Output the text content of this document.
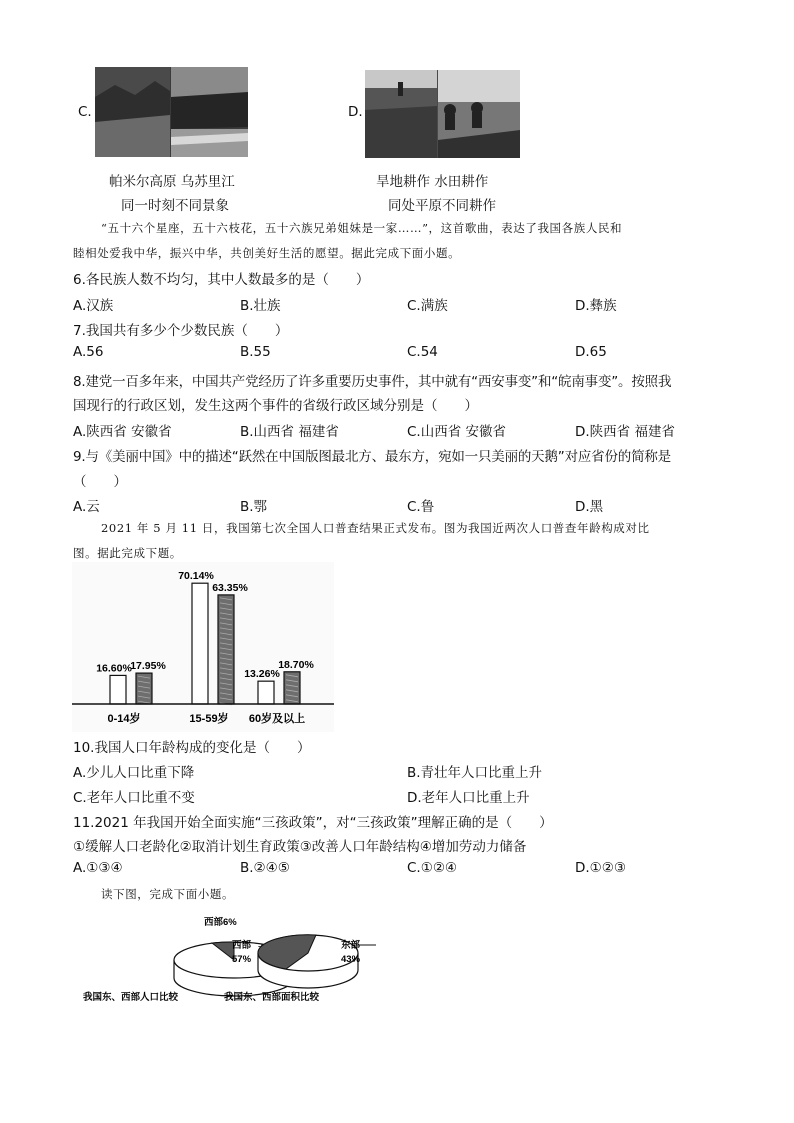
C.
帕米尔高原 乌苏里江
同一时刻不同景象
D.
旱地耕作 水田耕作
同处平原不同耕作
“五十六个星座，五十六枝花，五十六族兄弟姐妹是一家……”，这首歌曲，表达了我国各族人民和
睦相处爱我中华，振兴中华，共创美好生活的愿望。据此完成下面小题。
6.各民族人数不均匀，其中人数最多的是（　　）
A.汉族	B.壮族	C.满族	D.彝族
7.我国共有多少个少数民族（　　）
A.56	B.55	C.54	D.65
8.建党一百多年来，中国共产党经历了许多重要历史事件，其中就有“西安事变”和“皖南事变”。按照我
国现行的行政区划，发生这两个事件的省级行政区域分别是（　　）
A.陕西省 安徽省	B.山西省 福建省	C.山西省 安徽省	D.陕西省 福建省
9.与《美丽中国》中的描述“跃然在中国版图最北方、最东方，宛如一只美丽的天鹅”对应省份的简称是
（　　）
A.云	B.鄂	C.鲁	D.黑
2021 年 5 月 11 日，我国第七次全国人口普查结果正式发布。图为我国近两次人口普查年龄构成对比
图。据此完成下题。
16.60%
17.95%
70.14%
63.35%
13.26%
18.70%
0-14岁	15-59岁 60岁及以上
10.我国人口年龄构成的变化是（　　）
A.少儿人口比重下降	B.青壮年人口比重上升
C.老年人口比重不变	D.老年人口比重上升
11.2021 年我国开始全面实施“三孩政策”，对“三孩政策”理解正确的是（　　）
①缓解人口老龄化②取消计划生育政策③改善人口年龄结构④增加劳动力储备
A.①③④	B.②④⑤	C.①②④	D.①②③
读下图，完成下面小题。
西部6%
我国东、西部人口比较
西部 57%
东部 43%
我国东、西部面积比较
